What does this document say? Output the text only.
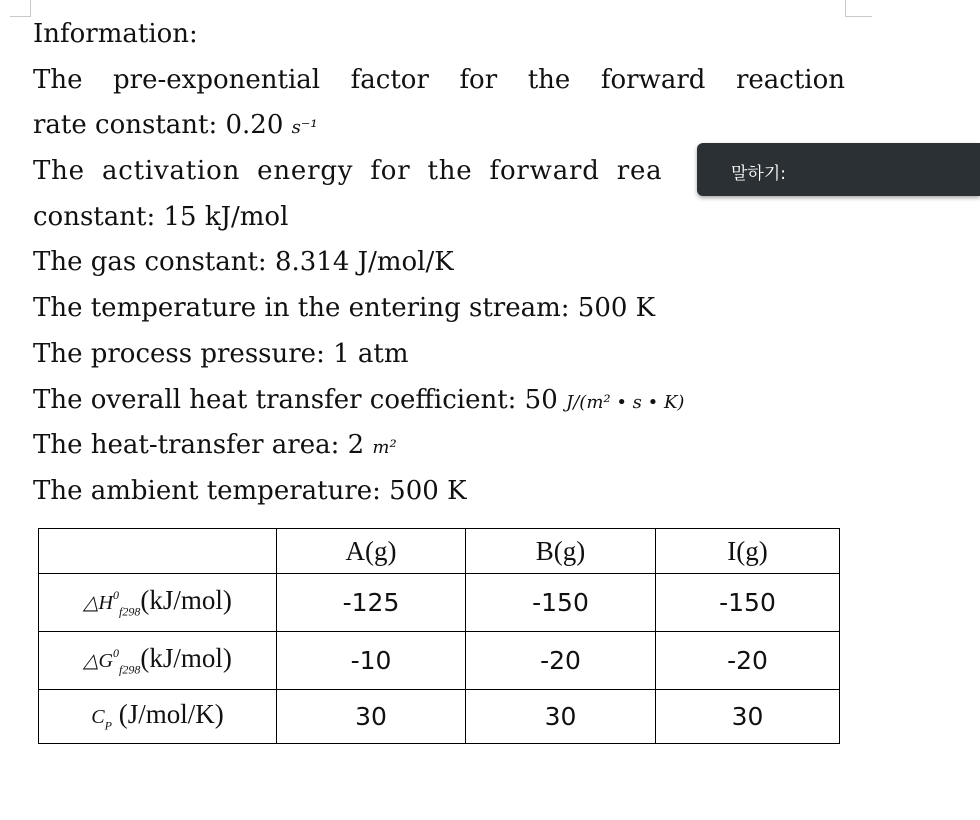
Information:
The pre-exponential factor for the forward reaction
rate constant: 0.20 s⁻¹
The activation energy for the forward rea
constant: 15 kJ/mol
The gas constant: 8.314 J/mol/K
The temperature in the entering stream: 500 K
The process pressure: 1 atm
The overall heat transfer coefficient: 50 J/(m² • s • K)
The heat-transfer area: 2 m²
The ambient temperature: 500 K
말하기:
	A(g)	B(g)	I(g)
$\triangle H^0_{f298}(kJ/mol)$	-125	-150	-150
$\triangle G^0_{f298}(kJ/mol)$	-10	-20	-20
$C_P$ (J/mol/K)	30	30	30
